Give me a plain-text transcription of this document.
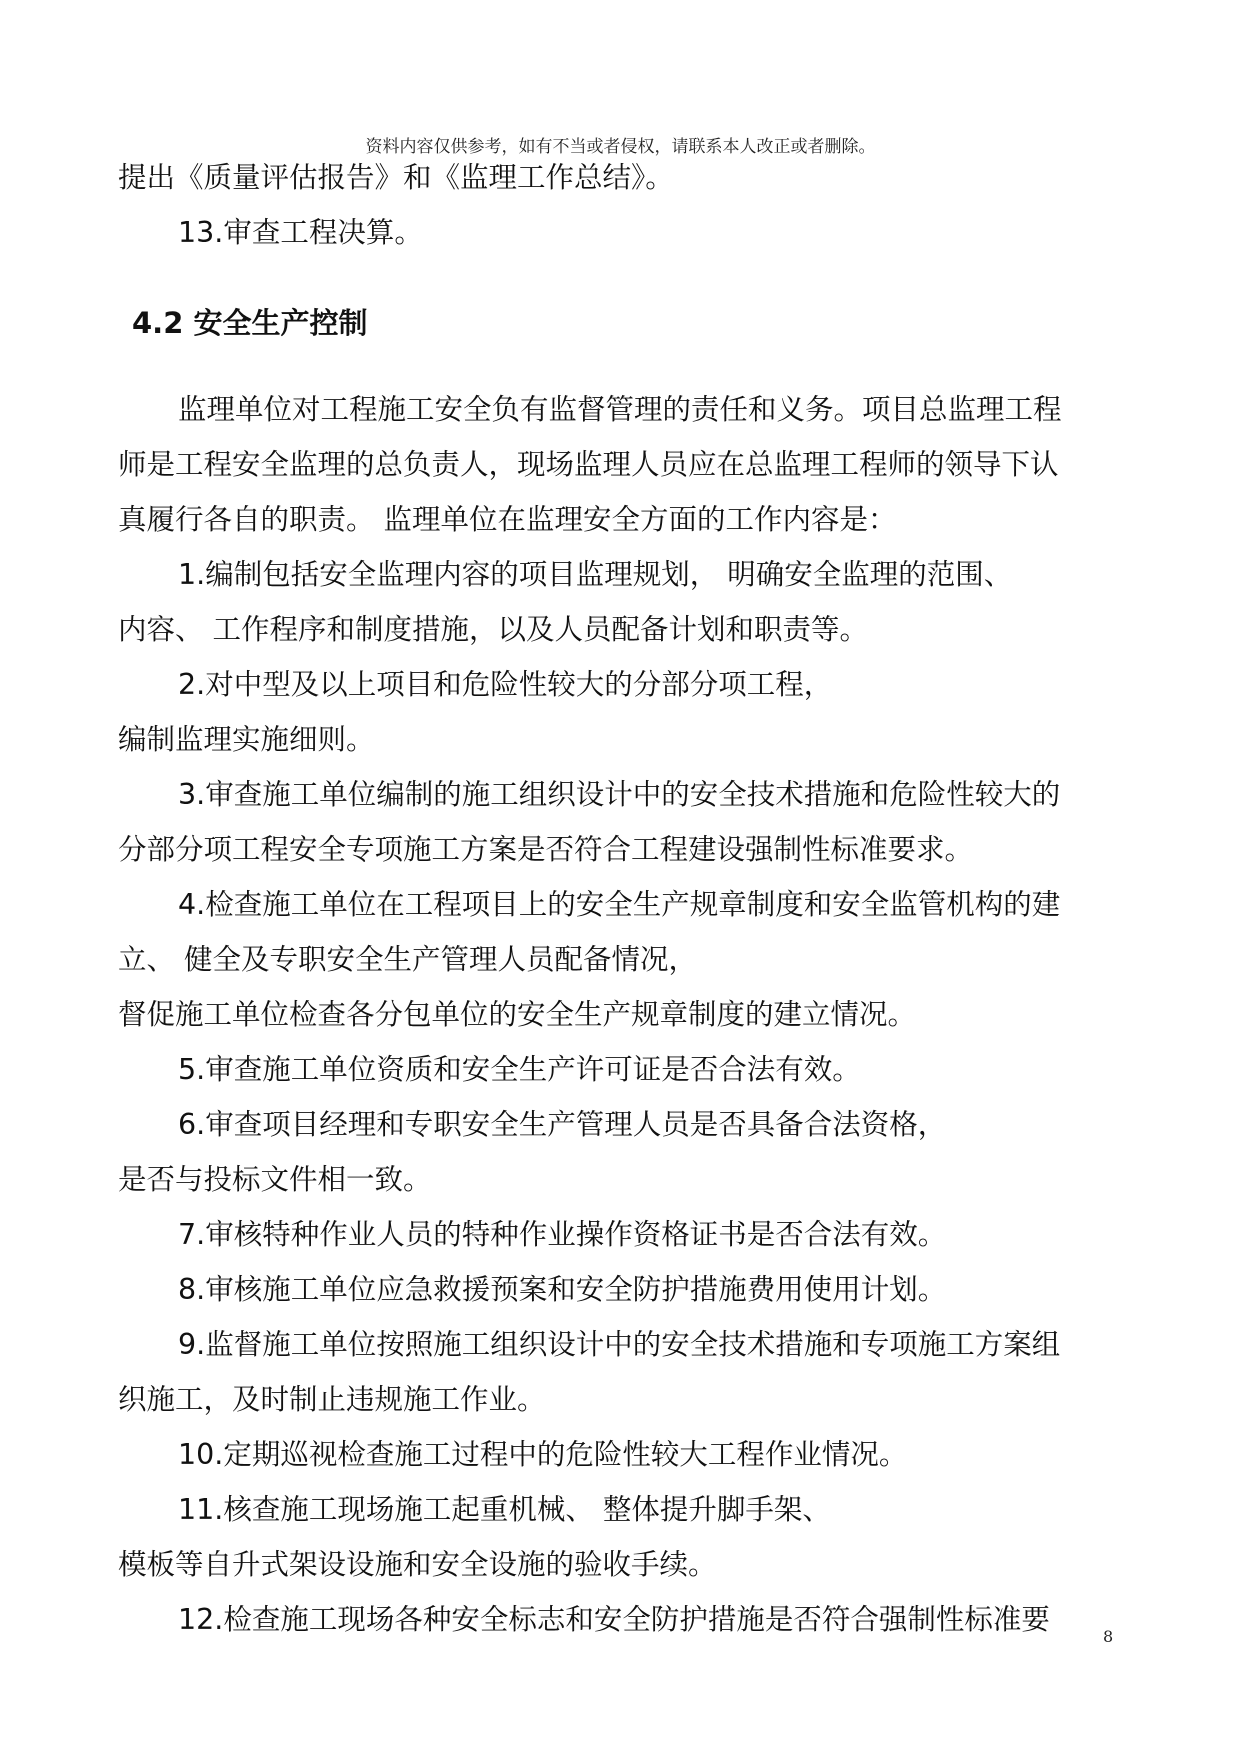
资料内容仅供参考，如有不当或者侵权，请联系本人改正或者删除。
提出《质量评估报告》和《监理工作总结》。
13.审查工程决算。
4.2 安全生产控制
监理单位对工程施工安全负有监督管理的责任和义务。项目总监理工程
师是工程安全监理的总负责人，现场监理人员应在总监理工程师的领导下认
真履行各自的职责。 监理单位在监理安全方面的工作内容是：
1.编制包括安全监理内容的项目监理规划， 明确安全监理的范围、
内容、 工作程序和制度措施，以及人员配备计划和职责等。
2.对中型及以上项目和危险性较大的分部分项工程，
编制监理实施细则。
3.审查施工单位编制的施工组织设计中的安全技术措施和危险性较大的
分部分项工程安全专项施工方案是否符合工程建设强制性标准要求。
4.检查施工单位在工程项目上的安全生产规章制度和安全监管机构的建
立、 健全及专职安全生产管理人员配备情况，
督促施工单位检查各分包单位的安全生产规章制度的建立情况。
5.审查施工单位资质和安全生产许可证是否合法有效。
6.审查项目经理和专职安全生产管理人员是否具备合法资格，
是否与投标文件相一致。
7.审核特种作业人员的特种作业操作资格证书是否合法有效。
8.审核施工单位应急救援预案和安全防护措施费用使用计划。
9.监督施工单位按照施工组织设计中的安全技术措施和专项施工方案组
织施工，及时制止违规施工作业。
10.定期巡视检查施工过程中的危险性较大工程作业情况。
11.核查施工现场施工起重机械、 整体提升脚手架、
模板等自升式架设设施和安全设施的验收手续。
12.检查施工现场各种安全标志和安全防护措施是否符合强制性标准要
8
